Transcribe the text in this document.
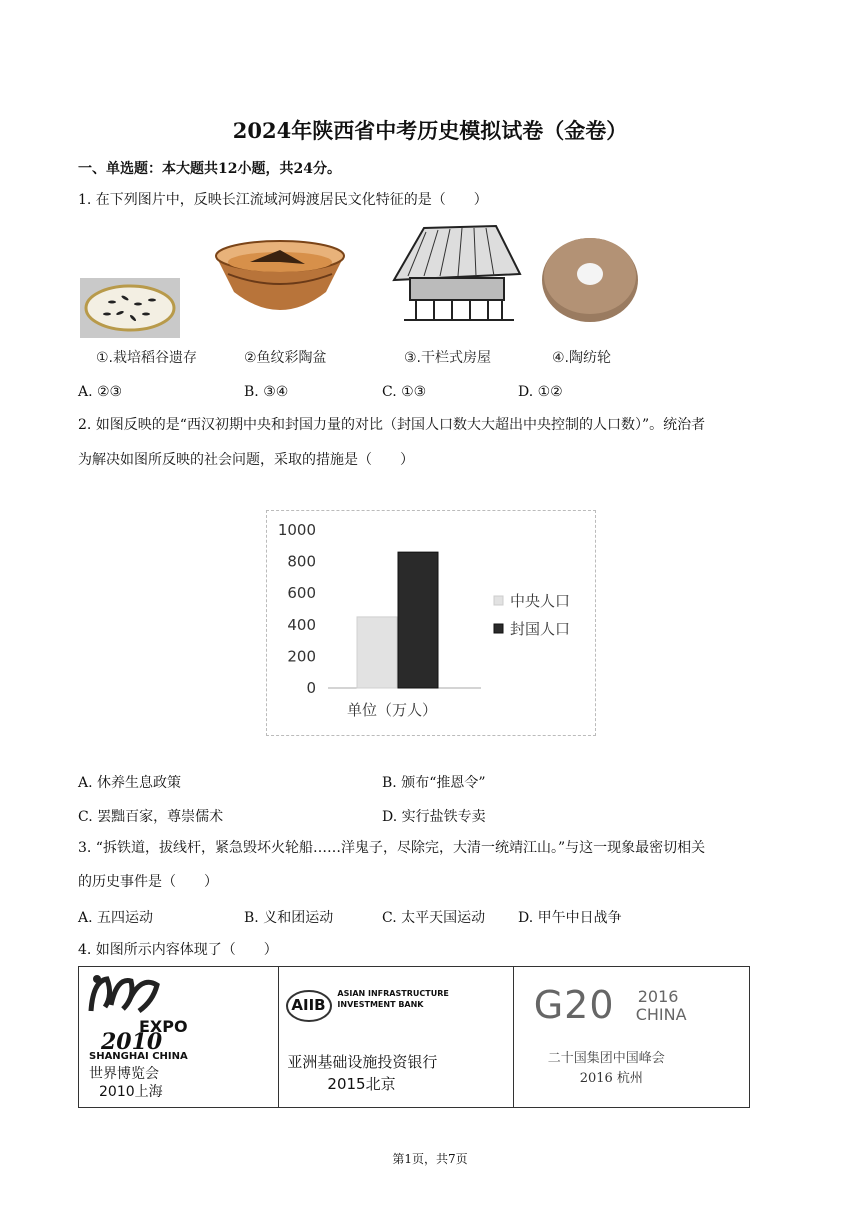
2024年陕西省中考历史模拟试卷（金卷）
一、单选题：本大题共12小题，共24分。
1. 在下列图片中，反映长江流域河姆渡居民文化特征的是（　　）
①.栽培稻谷遗存	②鱼纹彩陶盆	③.干栏式房屋	④.陶纺轮
A. ②③	B. ③④	C. ①③	D. ①②
2. 如图反映的是“西汉初期中央和封国力量的对比（封国人口数大大超出中央控制的人口数）”。统治者
为解决如图所反映的社会问题，采取的措施是（　　）
0
200
400
600
800
1000
中央人口
封国人口
单位（万人）
A. 休养生息政策	B. 颁布“推恩令”
C. 罢黜百家，尊崇儒术	D. 实行盐铁专卖
3. “拆铁道，拔线杆，紧急毁坏火轮船……洋鬼子，尽除完，大清一统靖江山。”与这一现象最密切相关
的历史事件是（　　）
A. 五四运动	B. 义和团运动	C. 太平天国运动 D. 甲午中日战争
4. 如图所示内容体现了（　　）
EXPO
2010
SHANGHAI CHINA
世界博览会
2010上海
AIIB
ASIAN INFRASTRUCTURE
INVESTMENT BANK
亚洲基础设施投资银行
2015北京
G20 2016
CHINA
二十国集团中国峰会
2016 杭州
第1页，共7页
